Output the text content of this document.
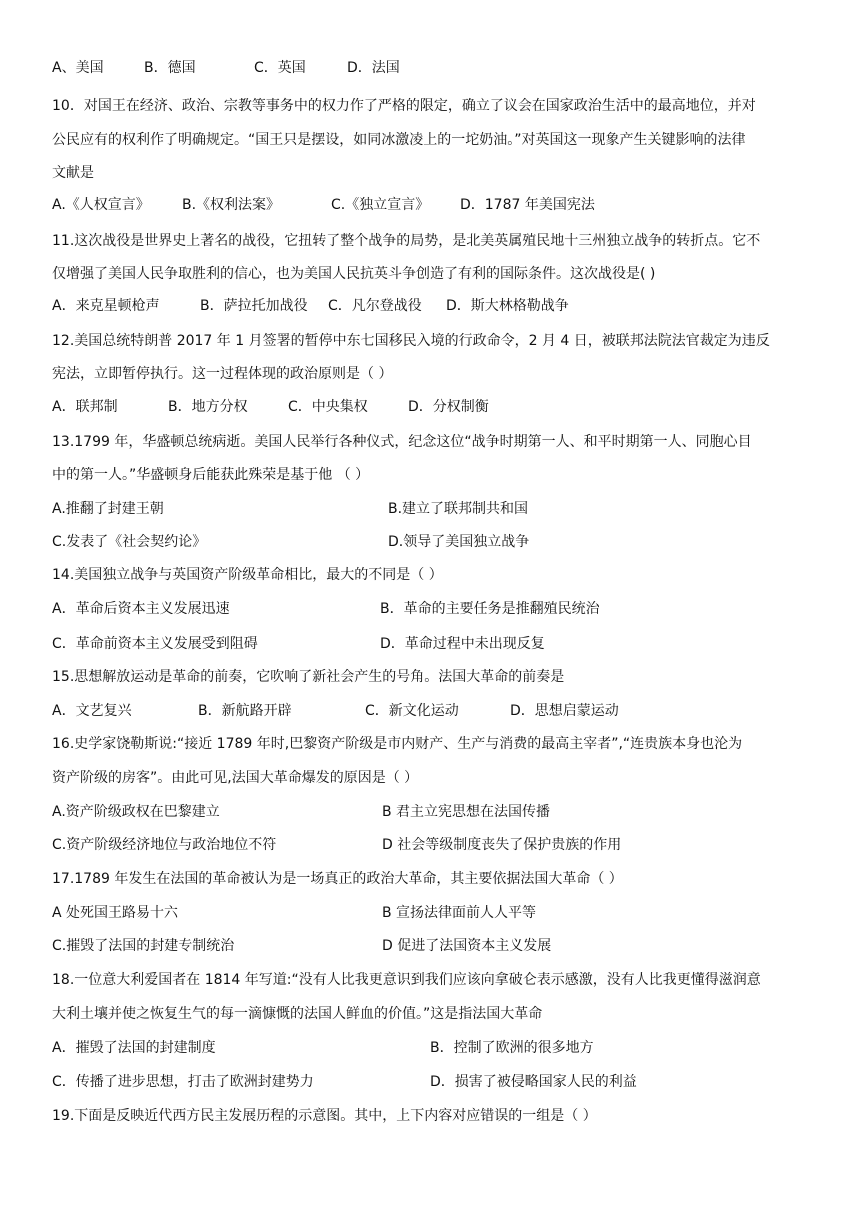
A、美国	B．德国	C．英国	D．法国
10．对国王在经济、政治、宗教等事务中的权力作了严格的限定，确立了议会在国家政治生活中的最高地位，并对
公民应有的权利作了明确规定。“国王只是摆设，如同冰激凌上的一坨奶油。”对英国这一现象产生关键影响的法律
文献是
A.《人权宣言》 B.《权利法案》	C.《独立宣言》 D．1787 年美国宪法
11.这次战役是世界史上著名的战役，它扭转了整个战争的局势，是北美英属殖民地十三州独立战争的转折点。它不
仅增强了美国人民争取胜利的信心，也为美国人民抗英斗争创造了有利的国际条件。这次战役是( )
A．来克星顿枪声	B．萨拉托加战役 C．凡尔登战役 D．斯大林格勒战争
12.美国总统特朗普 2017 年 1 月签署的暂停中东七国移民入境的行政命令，2 月 4 日，被联邦法院法官裁定为违反
宪法，立即暂停执行。这一过程体现的政治原则是（ ）
A．联邦制	B．地方分权	C．中央集权	D．分权制衡
13.1799 年，华盛顿总统病逝。美国人民举行各种仪式，纪念这位“战争时期第一人、和平时期第一人、同胞心目
中的第一人。”华盛顿身后能获此殊荣是基于他 （ ）
A.推翻了封建王朝	B.建立了联邦制共和国
C.发表了《社会契约论》	D.领导了美国独立战争
14.美国独立战争与英国资产阶级革命相比，最大的不同是（ ）
A．革命后资本主义发展迅速	B．革命的主要任务是推翻殖民统治
C．革命前资本主义发展受到阻碍	D．革命过程中未出现反复
15.思想解放运动是革命的前奏，它吹响了新社会产生的号角。法国大革命的前奏是
A．文艺复兴	B．新航路开辟	C．新文化运动	D．思想启蒙运动
16.史学家饶勒斯说:“接近 1789 年时,巴黎资产阶级是市内财产、生产与消费的最高主宰者”,“连贵族本身也沦为
资产阶级的房客”。由此可见,法国大革命爆发的原因是（ ）
A.资产阶级政权在巴黎建立	B 君主立宪思想在法国传播
C.资产阶级经济地位与政治地位不符	D 社会等级制度丧失了保护贵族的作用
17.1789 年发生在法国的革命被认为是一场真正的政治大革命，其主要依据法国大革命（ ）
A 处死国王路易十六	B 宣扬法律面前人人平等
C.摧毁了法国的封建专制统治	D 促进了法国资本主义发展
18.一位意大利爱国者在 1814 年写道:“没有人比我更意识到我们应该向拿破仑表示感激，没有人比我更懂得滋润意
大利土壤并使之恢复生气的每一滴慷慨的法国人鲜血的价值。”这是指法国大革命
A．摧毁了法国的封建制度	B．控制了欧洲的很多地方
C．传播了进步思想，打击了欧洲封建势力	D．损害了被侵略国家人民的利益
19.下面是反映近代西方民主发展历程的示意图。其中，上下内容对应错误的一组是（ ）
